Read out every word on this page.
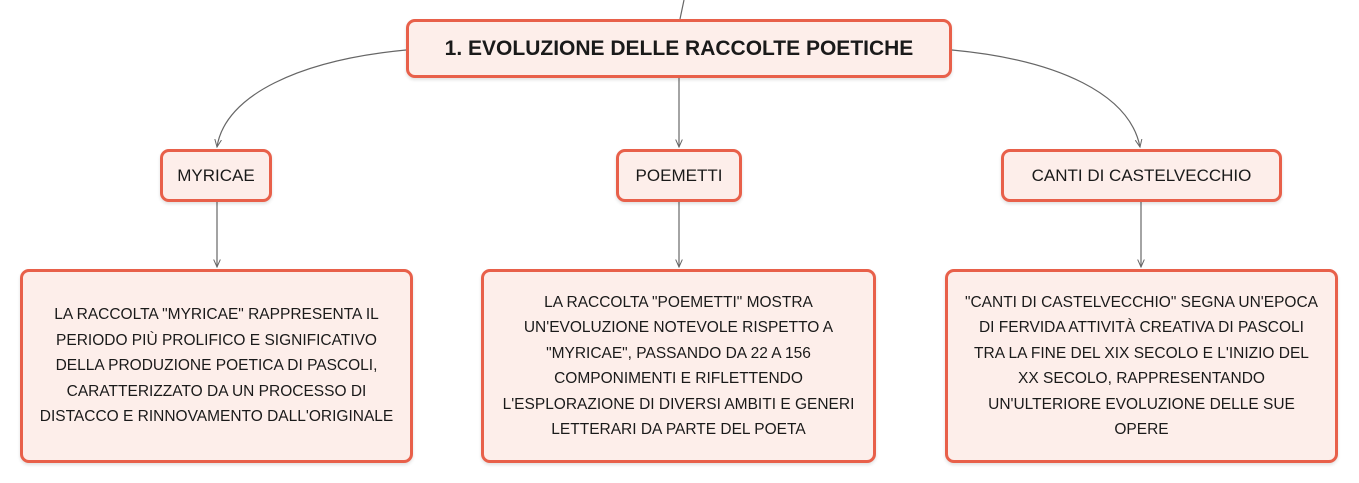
1. EVOLUZIONE DELLE RACCOLTE POETICHE
MYRICAE	POEMETTI	CANTI DI CASTELVECCHIO
LA RACCOLTA "MYRICAE" RAPPRESENTA IL PERIODO PIÙ PROLIFICO E SIGNIFICATIVO DELLA PRODUZIONE POETICA DI PASCOLI, CARATTERIZZATO DA UN PROCESSO DI DISTACCO E RINNOVAMENTO DALL'ORIGINALE
LA RACCOLTA "POEMETTI" MOSTRA UN'EVOLUZIONE NOTEVOLE RISPETTO A "MYRICAE", PASSANDO DA 22 A 156 COMPONIMENTI E RIFLETTENDO L'ESPLORAZIONE DI DIVERSI AMBITI E GENERI LETTERARI DA PARTE DEL POETA
"CANTI DI CASTELVECCHIO" SEGNA UN'EPOCA DI FERVIDA ATTIVITÀ CREATIVA DI PASCOLI TRA LA FINE DEL XIX SECOLO E L'INIZIO DEL XX SECOLO, RAPPRESENTANDO UN'ULTERIORE EVOLUZIONE DELLE SUE OPERE
